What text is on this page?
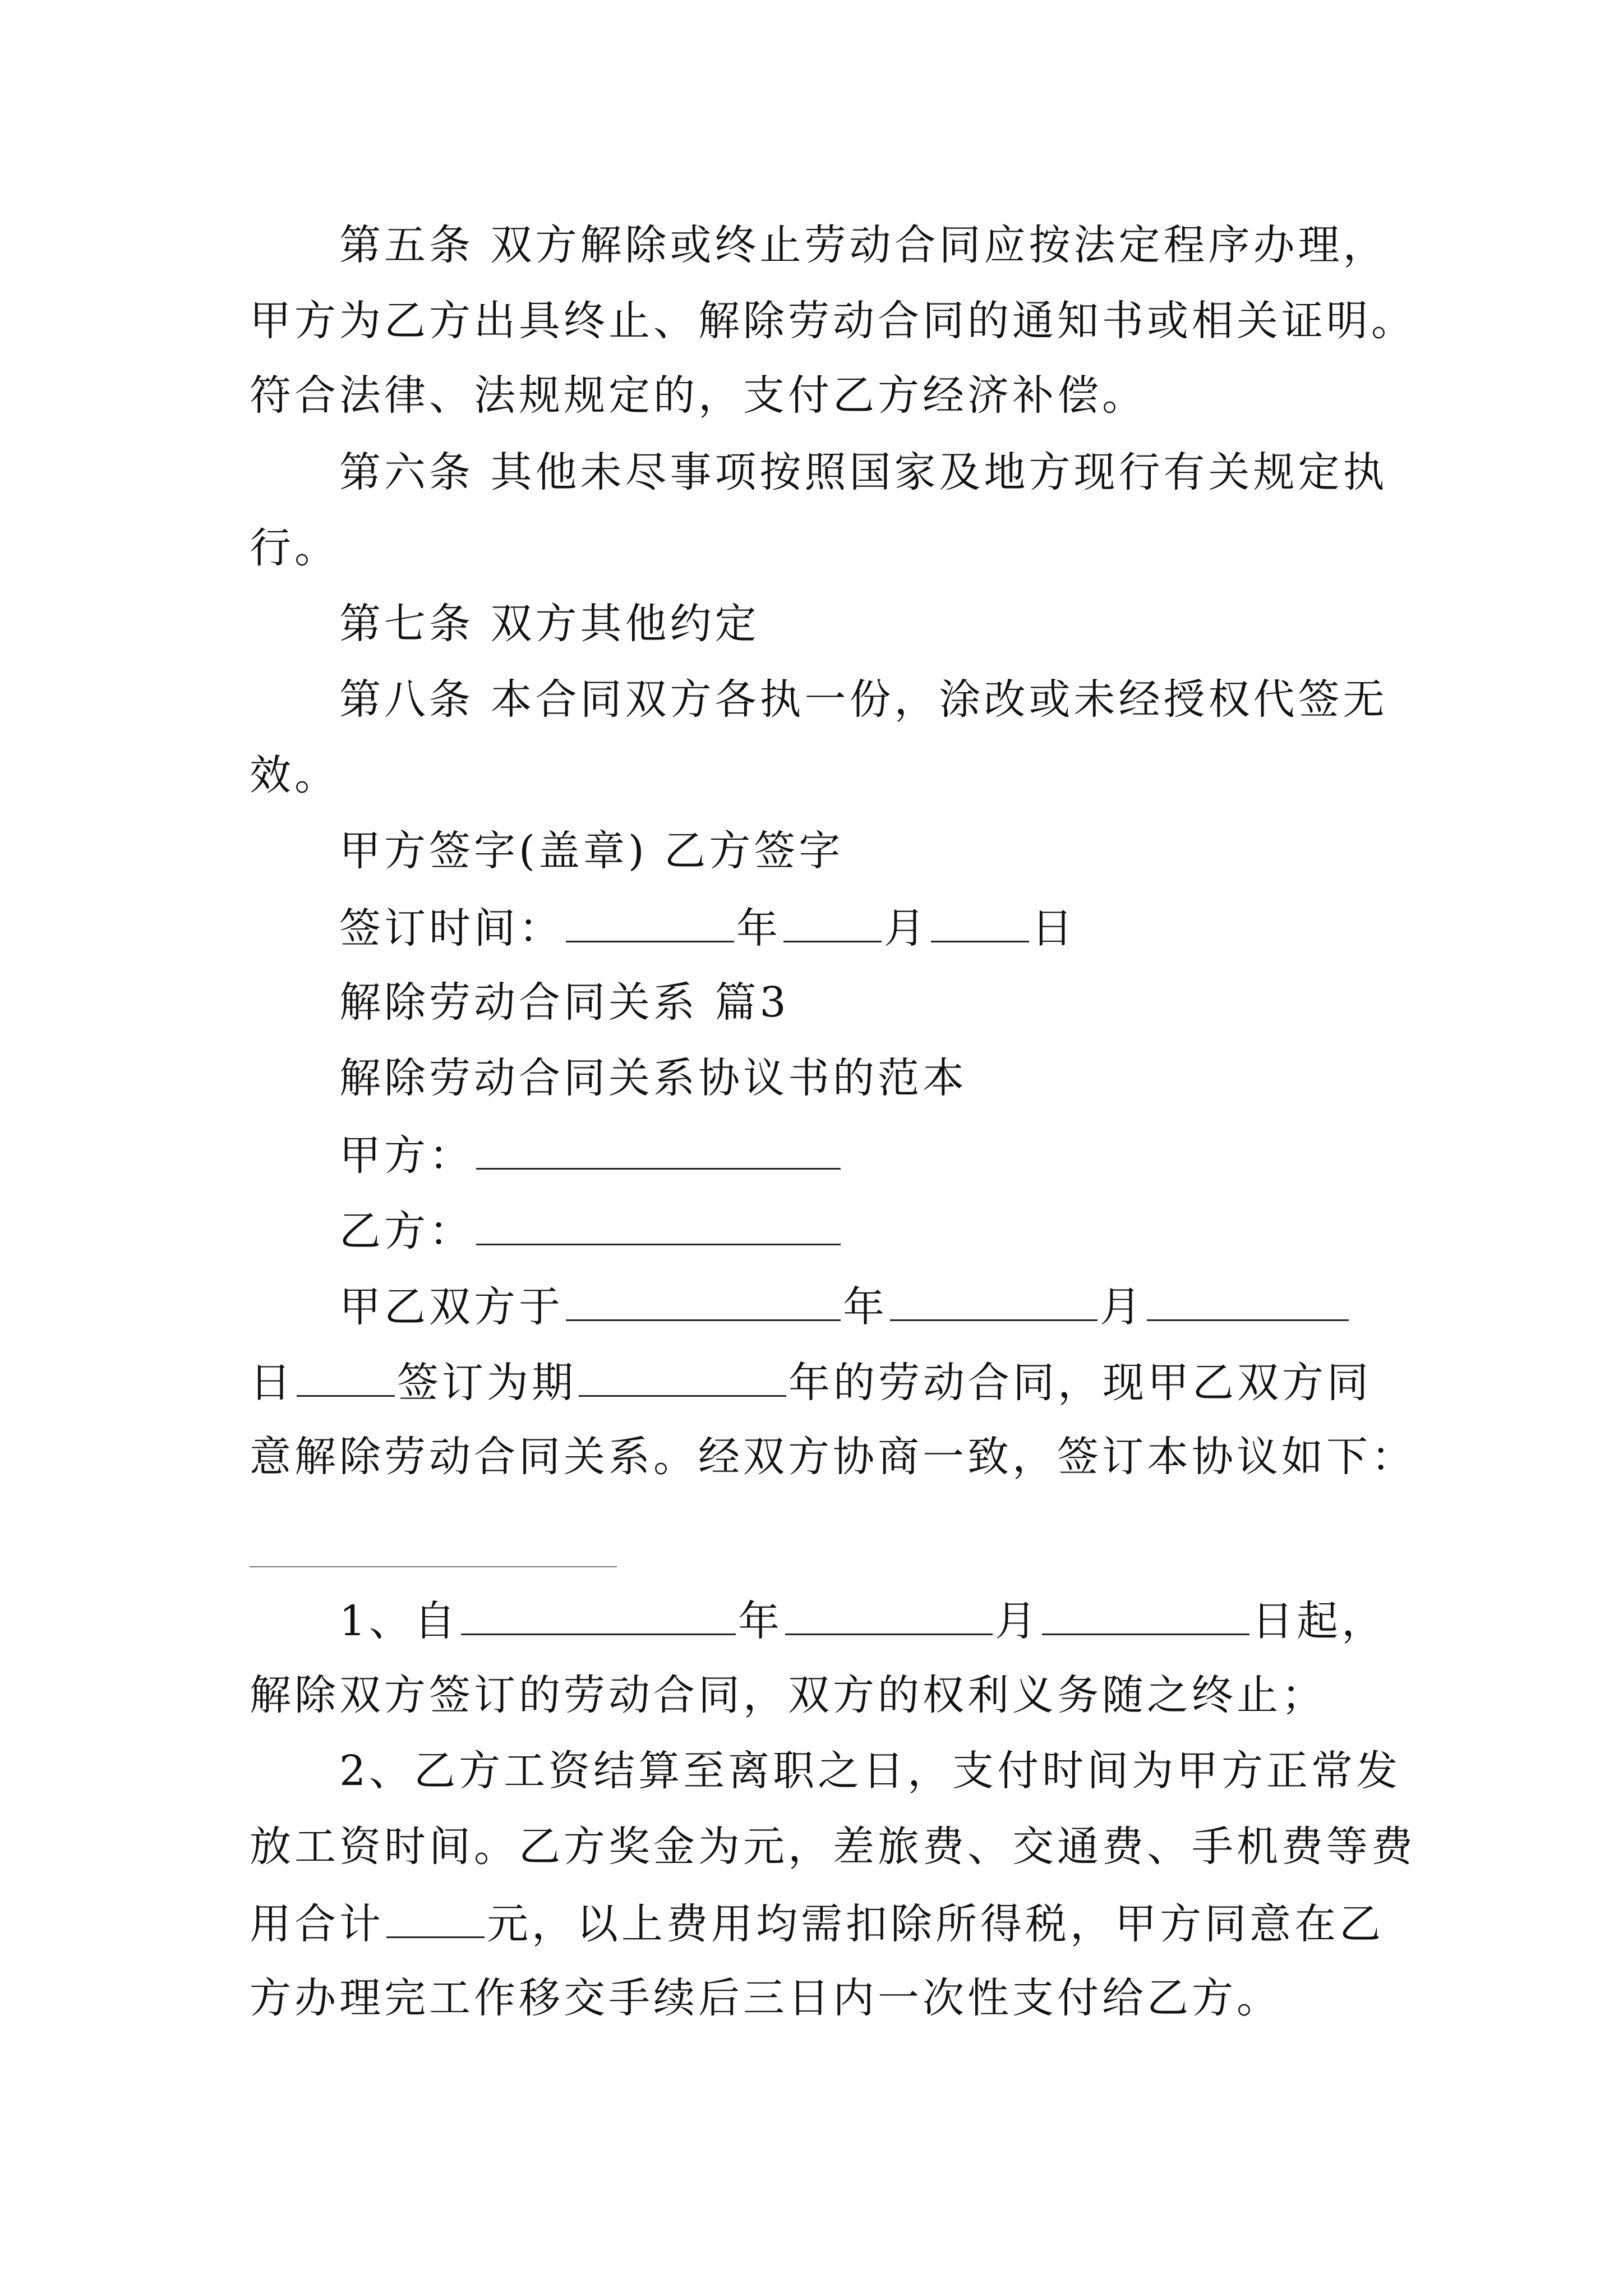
第五条 双方解除或终止劳动合同应按法定程序办理，
甲方为乙方出具终止、解除劳动合同的通知书或相关证明。
符合法律、法规规定的，支付乙方经济补偿。
第六条 其他未尽事项按照国家及地方现行有关规定执
行。
第七条 双方其他约定
第八条 本合同双方各执一份，涂改或未经授权代签无
效。
甲方签字(盖章) 乙方签字
签订时间：	年 月 日
解除劳动合同关系 篇3
解除劳动合同关系协议书的范本
甲方：
乙方：
甲乙双方于	年	月
日 签订为期	年的劳动合同，现甲乙双方同
意解除劳动合同关系。经双方协商一致，签订本协议如下：
1、自	年	月	日起，
解除双方签订的劳动合同，双方的权利义务随之终止；
2、乙方工资结算至离职之日，支付时间为甲方正常发
放工资时间。乙方奖金为元，差旅费、交通费、手机费等费
用合计 元，以上费用均需扣除所得税，甲方同意在乙
方办理完工作移交手续后三日内一次性支付给乙方。
